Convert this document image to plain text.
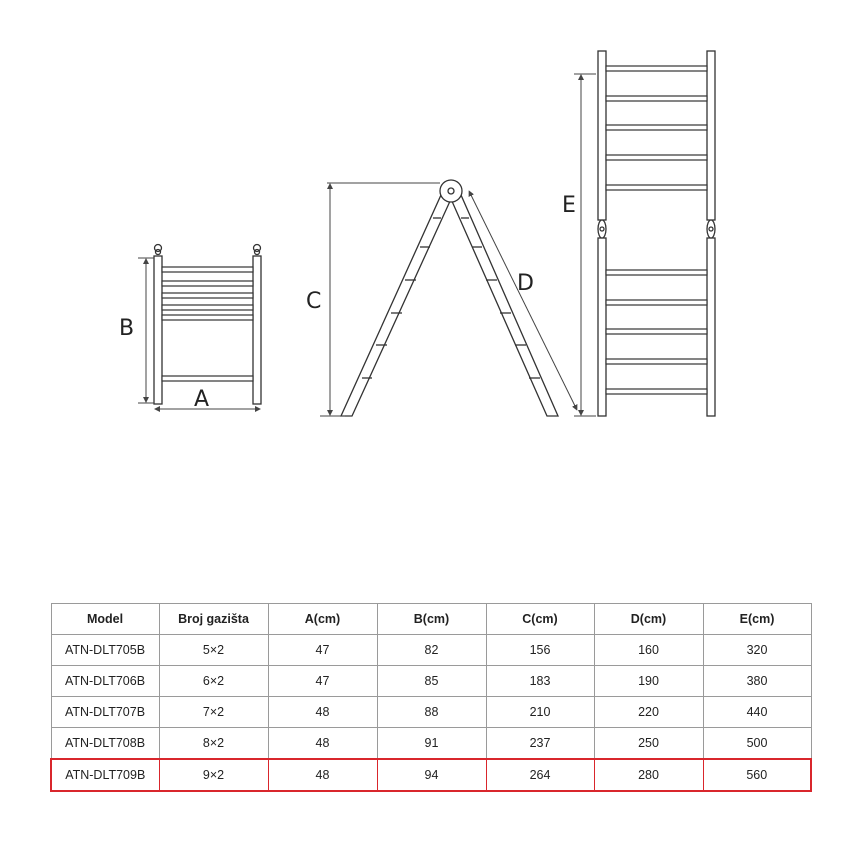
B
A
C
D
E
Model	Broj gazišta	A(cm)	B(cm)	C(cm)	D(cm)	E(cm)
ATN-DLT705B	5×2	47	82	156	160	320
ATN-DLT706B	6×2	47	85	183	190	380
ATN-DLT707B	7×2	48	88	210	220	440
ATN-DLT708B	8×2	48	91	237	250	500
ATN-DLT709B	9×2	48	94	264	280	560
